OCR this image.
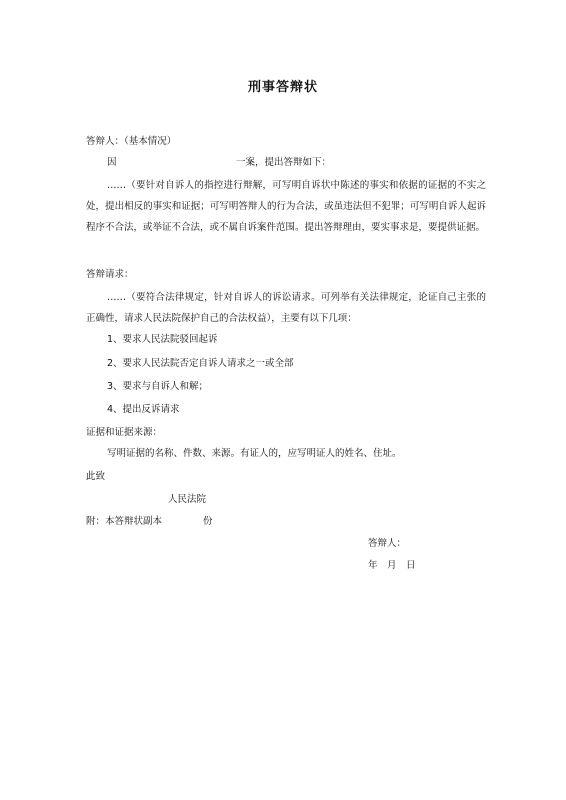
刑事答辩状
答辩人：（基本情况）
因	一案，提出答辩如下：
……（要针对自诉人的指控进行辩解，可写明自诉状中陈述的事实和依据的证据的不实之处，提出相反的事实和证据；可写明答辩人的行为合法，或虽违法但不犯罪；可写明自诉人起诉程序不合法，或举证不合法，或不属自诉案件范围。提出答辩理由，要实事求是，要提供证据。
答辩请求：
……（要符合法律规定，针对自诉人的诉讼请求。可列举有关法律规定，论证自己主张的正确性，请求人民法院保护自己的合法权益），主要有以下几项：
1、要求人民法院驳回起诉
2、要求人民法院否定自诉人请求之一或全部
3、要求与自诉人和解；
4、提出反诉请求
证据和证据来源：
写明证据的名称、件数、来源。有证人的，应写明证人的姓名、住址。
此致
人民法院
附：本答辩状副本	份
答辩人：
年　月　日
